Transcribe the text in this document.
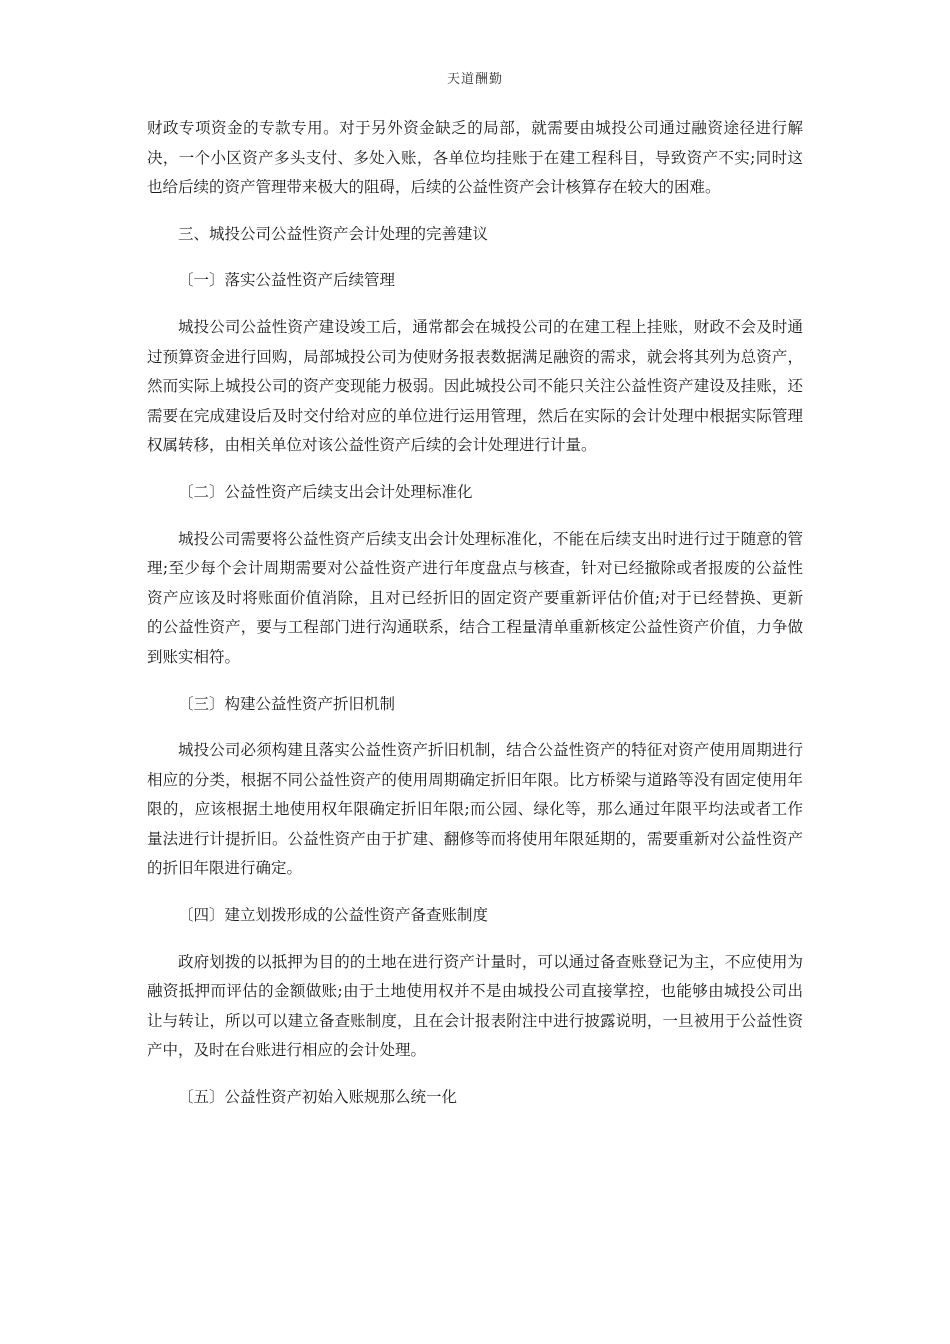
天道酬勤

财政专项资金的专款专用。对于另外资金缺乏的局部，就需要由城投公司通过融资途径进行解决，一个小区资产多头支付、多处入账，各单位均挂账于在建工程科目，导致资产不实;同时这也给后续的资产管理带来极大的阻碍，后续的公益性资产会计核算存在较大的困难。

三、城投公司公益性资产会计处理的完善建议

〔一〕落实公益性资产后续管理

城投公司公益性资产建设竣工后，通常都会在城投公司的在建工程上挂账，财政不会及时通过预算资金进行回购，局部城投公司为使财务报表数据满足融资的需求，就会将其列为总资产，然而实际上城投公司的资产变现能力极弱。因此城投公司不能只关注公益性资产建设及挂账，还需要在完成建设后及时交付给对应的单位进行运用管理，然后在实际的会计处理中根据实际管理权属转移，由相关单位对该公益性资产后续的会计处理进行计量。

〔二〕公益性资产后续支出会计处理标准化

城投公司需要将公益性资产后续支出会计处理标准化，不能在后续支出时进行过于随意的管理;至少每个会计周期需要对公益性资产进行年度盘点与核查，针对已经撤除或者报废的公益性资产应该及时将账面价值消除，且对已经折旧的固定资产要重新评估价值;对于已经替换、更新的公益性资产，要与工程部门进行沟通联系，结合工程量清单重新核定公益性资产价值，力争做到账实相符。

〔三〕构建公益性资产折旧机制

城投公司必须构建且落实公益性资产折旧机制，结合公益性资产的特征对资产使用周期进行相应的分类，根据不同公益性资产的使用周期确定折旧年限。比方桥梁与道路等没有固定使用年限的，应该根据土地使用权年限确定折旧年限;而公园、绿化等，那么通过年限平均法或者工作量法进行计提折旧。公益性资产由于扩建、翻修等而将使用年限延期的，需要重新对公益性资产的折旧年限进行确定。

〔四〕建立划拨形成的公益性资产备查账制度

政府划拨的以抵押为目的的土地在进行资产计量时，可以通过备查账登记为主，不应使用为融资抵押而评估的金额做账;由于土地使用权并不是由城投公司直接掌控，也能够由城投公司出让与转让，所以可以建立备查账制度，且在会计报表附注中进行披露说明，一旦被用于公益性资产中，及时在台账进行相应的会计处理。

〔五〕公益性资产初始入账规那么统一化
